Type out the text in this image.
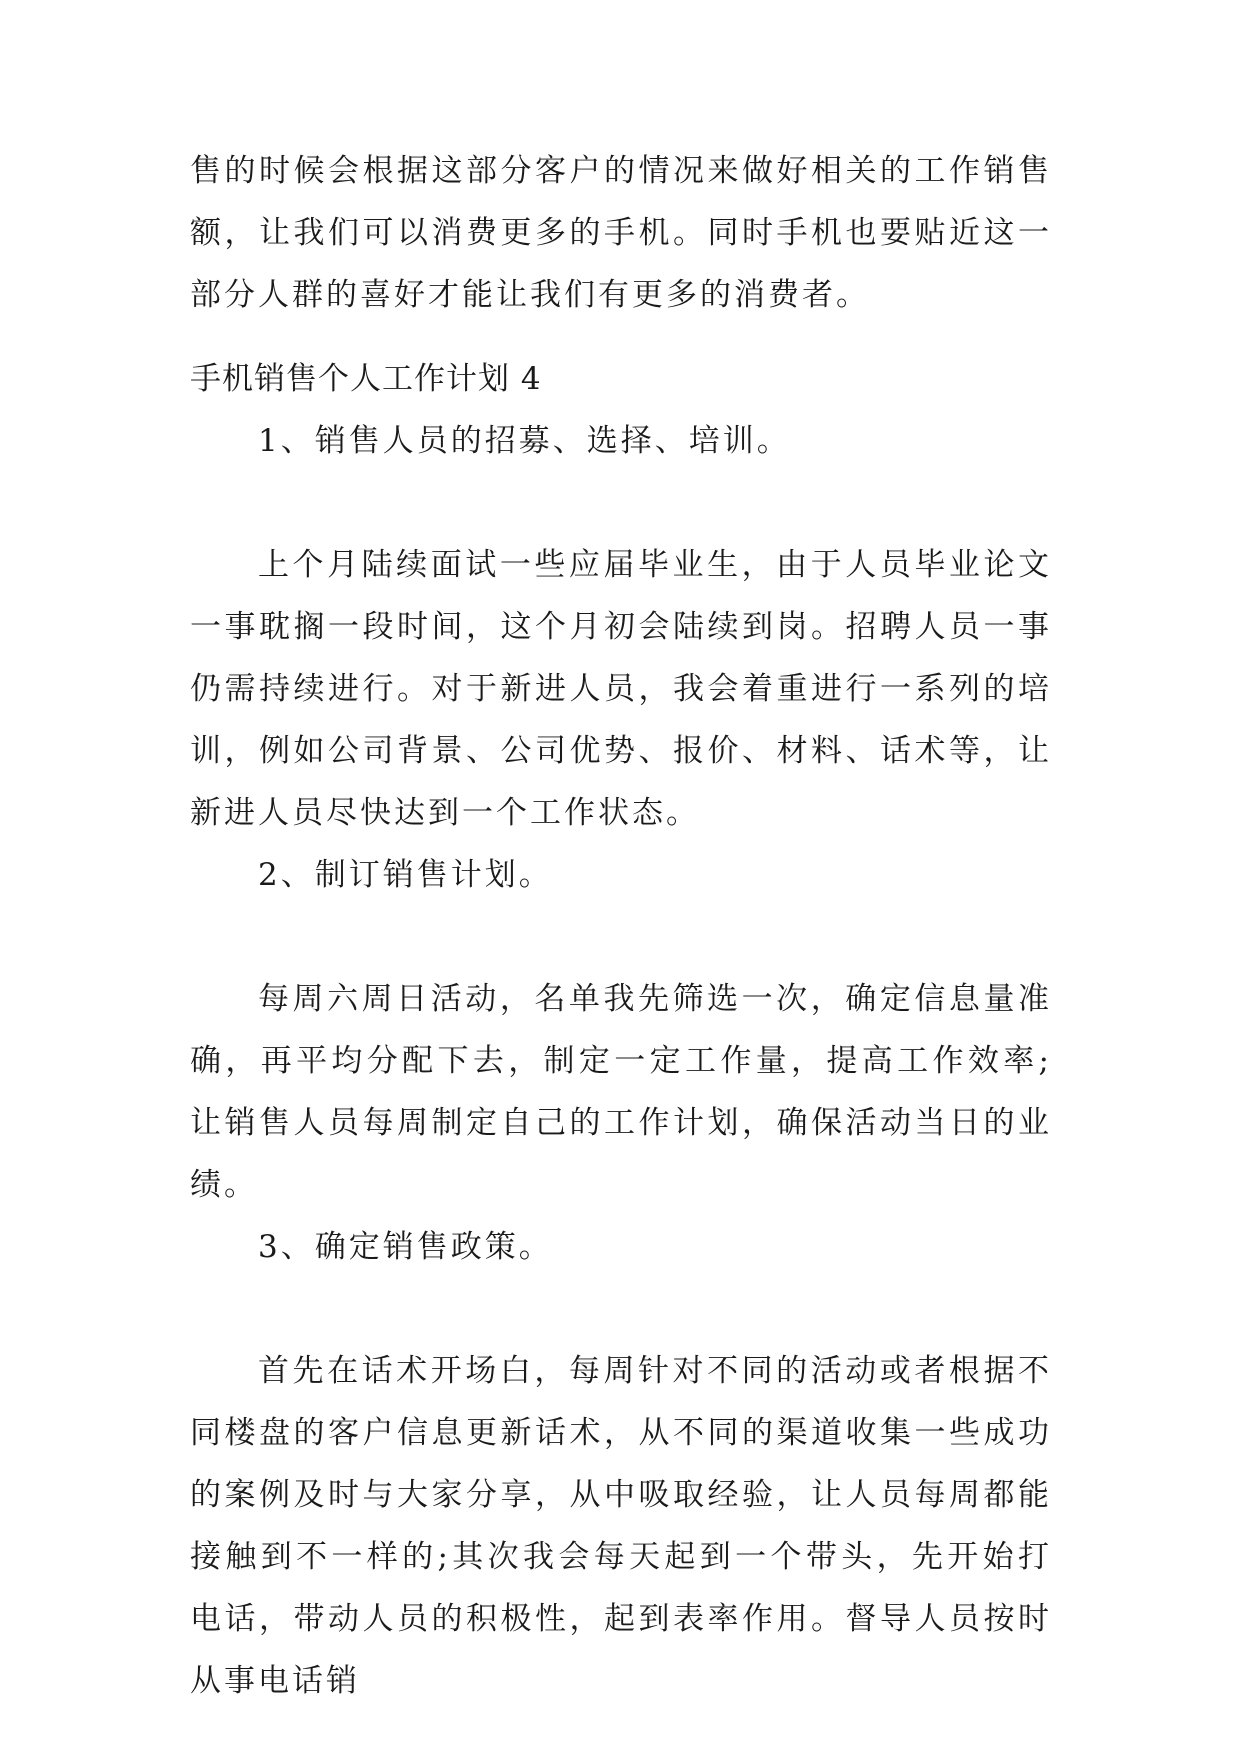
售的时候会根据这部分客户的情况来做好相关的工作销售额，让我们可以消费更多的手机。同时手机也要贴近这一部分人群的喜好才能让我们有更多的消费者。

手机销售个人工作计划 4

1、销售人员的招募、选择、培训。

上个月陆续面试一些应届毕业生，由于人员毕业论文一事耽搁一段时间，这个月初会陆续到岗。招聘人员一事仍需持续进行。对于新进人员，我会着重进行一系列的培训，例如公司背景、公司优势、报价、材料、话术等，让新进人员尽快达到一个工作状态。

2、制订销售计划。

每周六周日活动，名单我先筛选一次，确定信息量准确，再平均分配下去，制定一定工作量，提高工作效率;让销售人员每周制定自己的工作计划，确保活动当日的业绩。

3、确定销售政策。

首先在话术开场白，每周针对不同的活动或者根据不同楼盘的客户信息更新话术，从不同的渠道收集一些成功的案例及时与大家分享，从中吸取经验，让人员每周都能接触到不一样的;其次我会每天起到一个带头，先开始打电话，带动人员的积极性，起到表率作用。督导人员按时从事电话销
